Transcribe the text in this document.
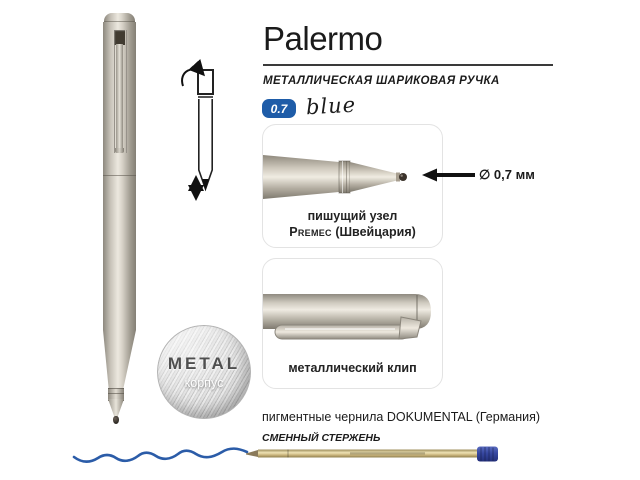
Palermo
МЕТАЛЛИЧЕСКАЯ ШАРИКОВАЯ РУЧКА
0.7 blue
пишущий узел
Premec (Швейцария)
∅ 0,7 мм
металлический клип
METAL
корпус
пигментные чернила DOKUMENTAL (Германия)
СМЕННЫЙ СТЕРЖЕНЬ
